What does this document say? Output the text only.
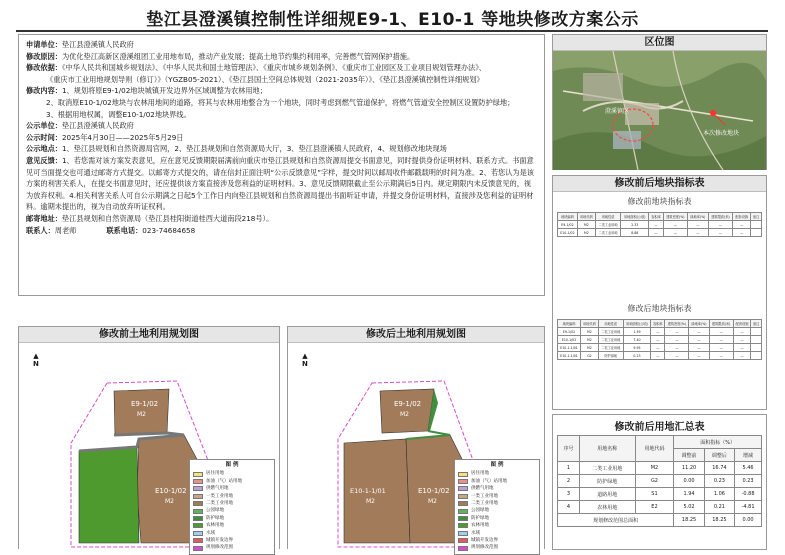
垫江县澄溪镇控制性详细规E9-1、E10-1 等地块修改方案公示

申请单位：垫江县澄溪镇人民政府

修改原因：为优化垫江高新区澄溪组团工业用地布局，推动产业发展；提高土地节约集约利用率，完善燃气管网保护措施。

修改依据：《中华人民共和国城乡规划法》、《中华人民共和国土地管理法》、《重庆市城乡规划条例》、《重庆市工业园区及工业项目规划管理办法》、

《重庆市工业用地规划导则（修订）》（YGZB05-2021）、《垫江县国土空间总体规划（2021-2035年）》、《垫江县澄溪镇控制性详细规划》

修改内容：1、规划将原E9-1/02地块城镇开发边界外区域调整为农林用地；

2、取消原E10-1/02地块与农林用地间的道路，将其与农林用地整合为一个地块，同时考虑到燃气管道保护，将燃气管道安全控制区设置防护绿地；

3、根据用地权属，调整E10-1/02地块界线。

公示单位：垫江县澄溪镇人民政府

公示时间：2025年4月30日——2025年5月29日

公示地点：1、垫江县规划和自然资源局官网，2、垫江县规划和自然资源局大厅，3、垫江县澄溪镇人民政府，4、规划修改地块现场

意见反馈：1、若您需对该方案发表意见，应在意见反馈期限届满前向重庆市垫江县规划和自然资源局提交书面意见，同时提供身份证明材料、联系方式。书面意见可当面提交也可通过邮寄方式提交。以邮寄方式提交的，请在信封正面注明“公示反馈意见”字样，提交时间以邮局收件邮戳载明的时间为准。2、若您认为是该方案的利害关系人，在提交书面意见时，还应提供该方案直接涉及您利益的证明材料。3、意见反馈期限截止至公示期满后5日内。规定期限内未反馈意见的，视为放弃权利。4.相关利害关系人可自公示期满之日起5个工作日内向垫江县规划和自然资源局提出书面听证申请，并提交身份证明材料，直接涉及您利益的证明材料。逾期未提出的，视为自动放弃听证权利。

邮寄地址：垫江县规划和自然资源局（垫江县桂阳街道桂西大道南段218号）。

联系人：周老师	联系电话：023-74684658

区位图
澄溪镇区
本次修改地块
修改前后地块指标表
修改前地块指标表
地块编码	用地代码	用地性质	用地面积(公顷)	容积率	建筑密度(%)	绿地率(%)	建筑限高(米)	配套设施	备注
E9-1/02	M2	二类工业用地	2.33	—	—	—	—	—	
E10-1/02	M2	二类工业用地	8.88	—	—	—	—	—	
修改后地块指标表
地块编码	用地代码	用地性质	用地面积(公顷)	容积率	建筑密度(%)	绿地率(%)	建筑限高(米)	配套设施	备注
E9-1/02	M2	二类工业用地	1.59	—	—	—	—	—	
E10-1/02	M2	二类工业用地	7.40	—	—	—	—	—	
E10-1-1/01	M2	二类工业用地	9.95	—	—	—	—	—	
E10-1-1/01	G2	防护绿地	0.23	—	—	—	—	—	
修改前后用地汇总表
序号	用地名称	用地代码	面积指标（%）		
			调整前	调整后	增减
1	二类工业用地	M2	11.20	16.74	5.46
2	防护绿地	G2	0.00	0.23	0.23
3	道路用地	S1	1.94	1.06	-0.88
4	农林用地	E2	5.02	0.21	-4.81
规划修改范围总面积			18.25	18.25	0.00
修改前土地利用规划图
E9-1/02
M2
E10-1/02
M2
▲
N
图 例
居住用地
加油（气）站用地
供燃气用地
一类工业用地
二类工业用地
公园绿地
防护绿地
农林用地
水域
城镇开发边界
规划修改范围
修改后土地利用规划图
E9-1/02
M2
E10-1-1/01
M2
E10-1/02
M2
▲
N
图 例
居住用地
加油（气）站用地
供燃气用地
一类工业用地
二类工业用地
公园绿地
防护绿地
农林用地
水域
城镇开发边界
规划修改范围
